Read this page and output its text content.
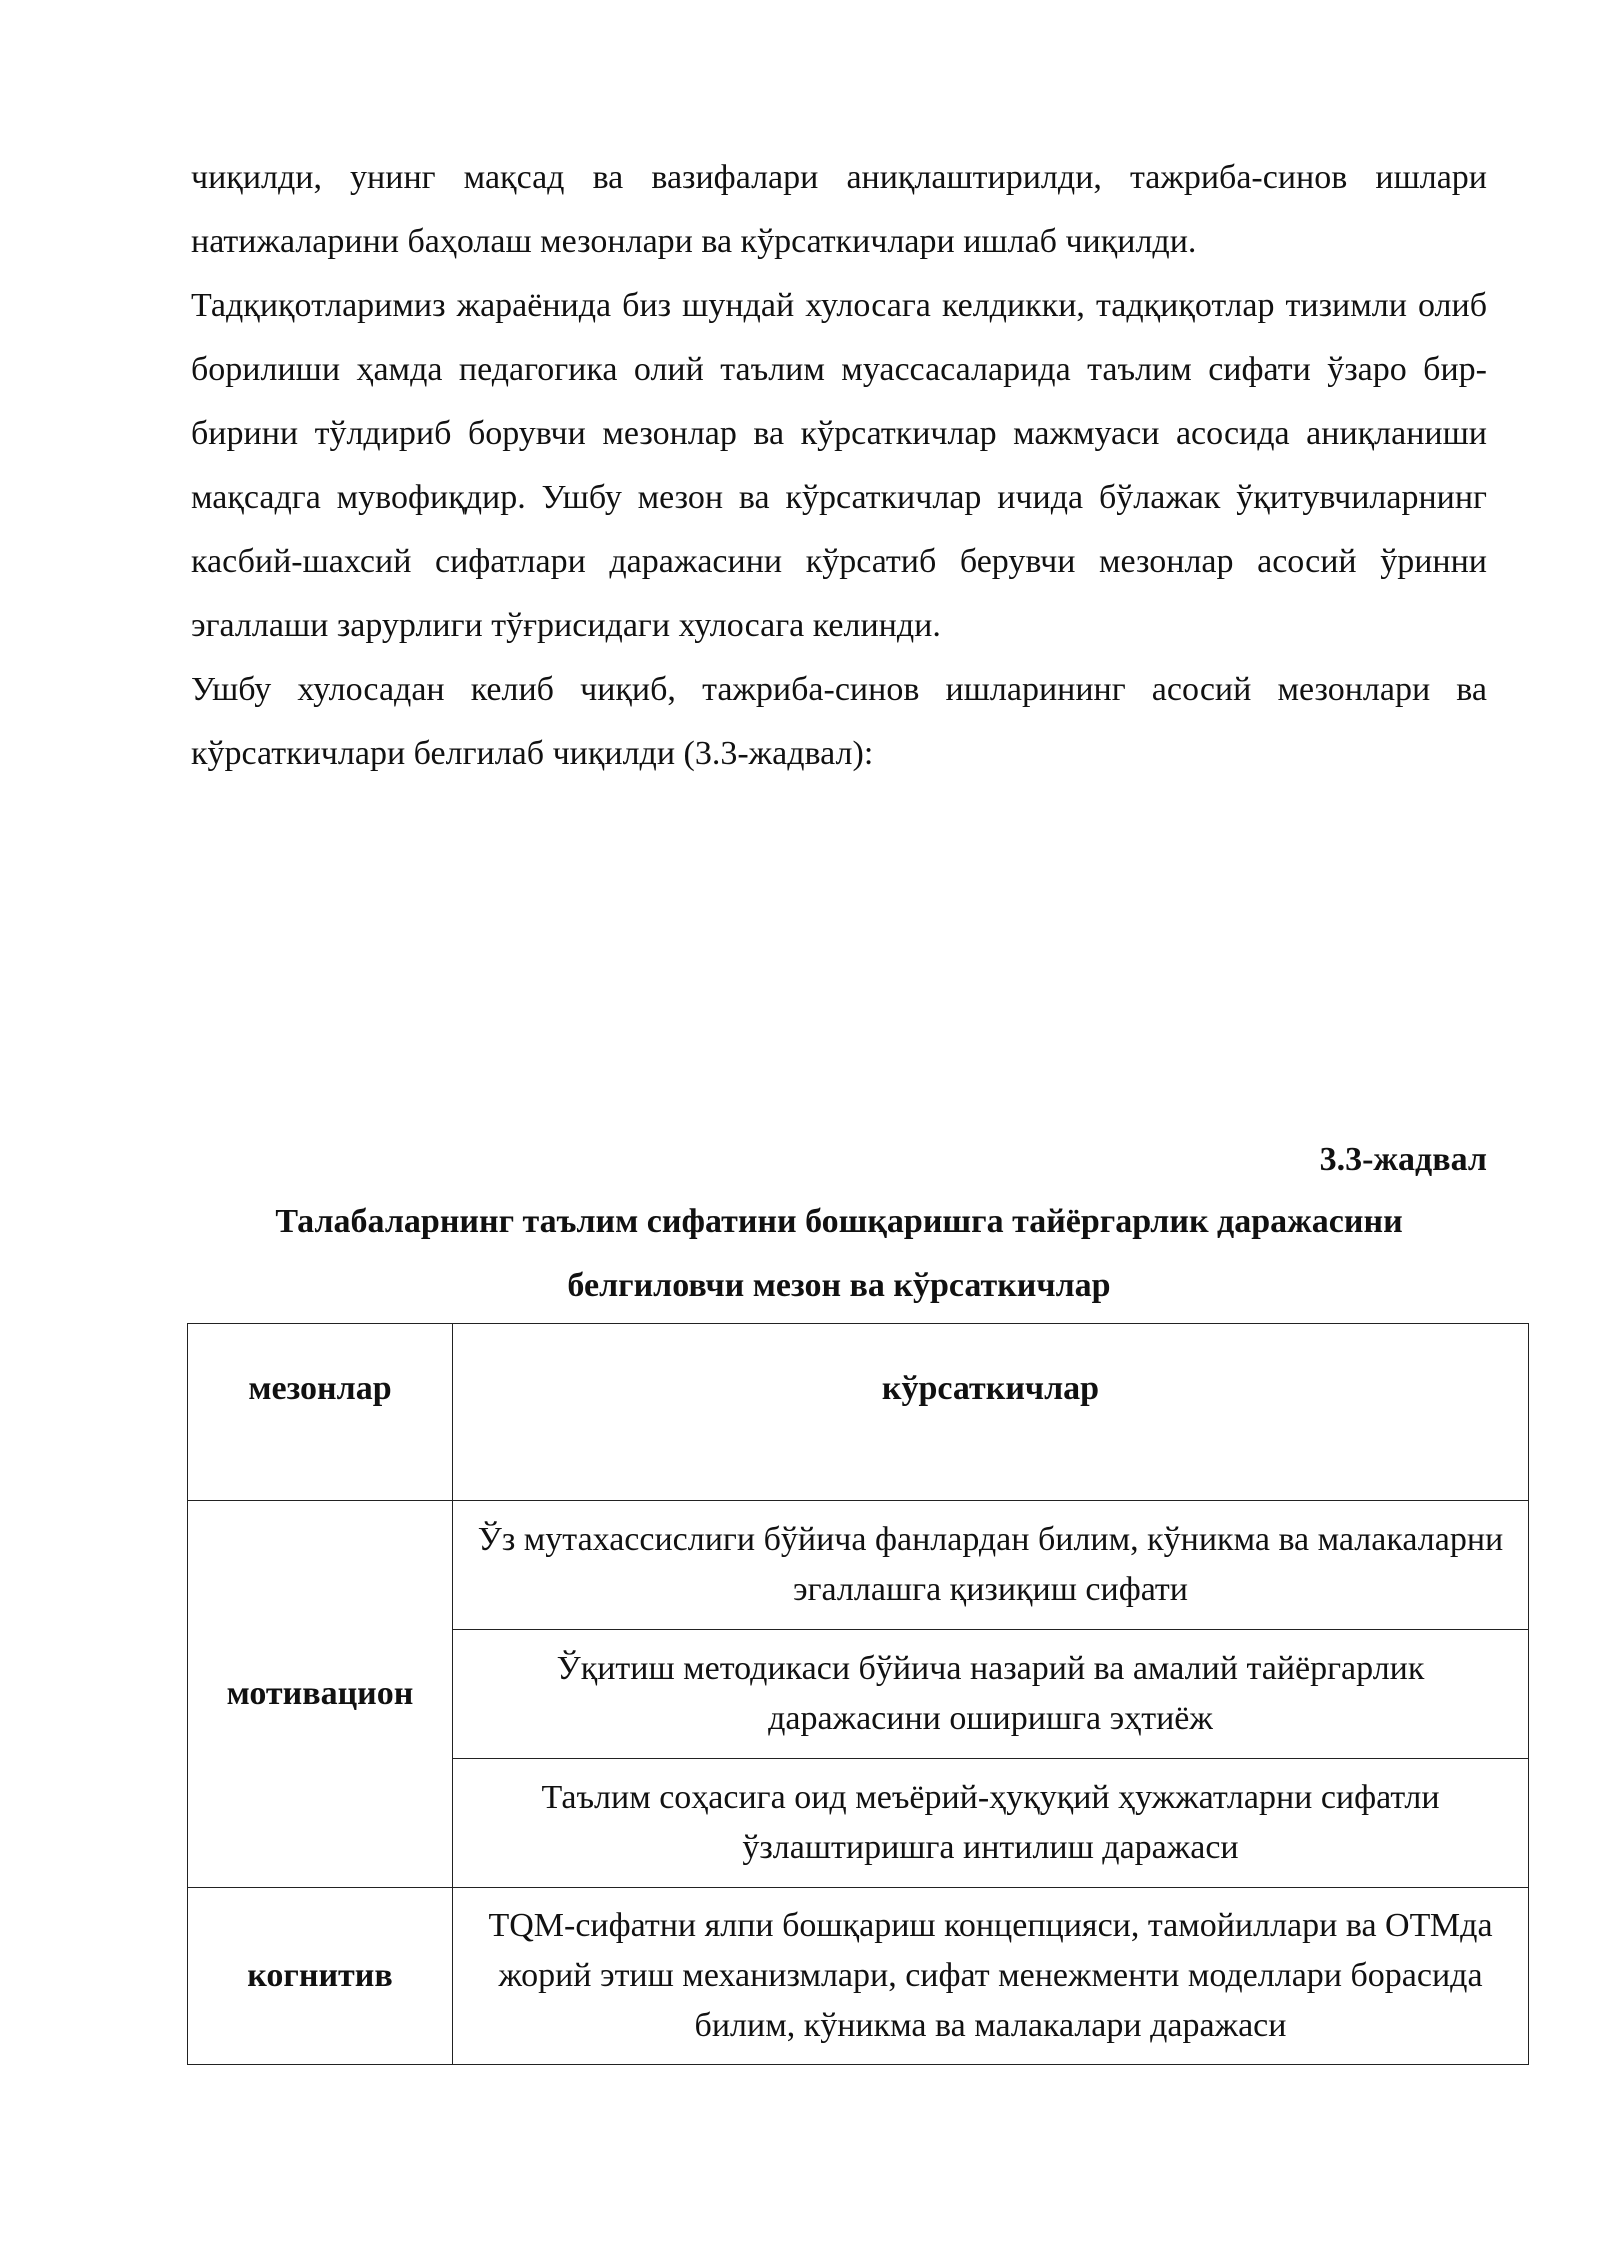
чиқилди, унинг мақсад ва вазифалари аниқлаштирилди, тажриба-синов ишлари натижаларини баҳолаш мезонлари ва кўрсаткичлари ишлаб чиқилди.

Тадқиқотларимиз жараёнида биз шундай хулосага келдикки, тадқиқотлар тизимли олиб борилиши ҳамда педагогика олий таълим муассасаларида таълим сифати ўзаро бир-бирини тўлдириб борувчи мезонлар ва кўрсаткичлар мажмуаси асосида аниқланиши мақсадга мувофиқдир. Ушбу мезон ва кўрсаткичлар ичида бўлажак ўқитувчиларнинг касбий-шахсий сифатлари даражасини кўрсатиб берувчи мезонлар асосий ўринни эгаллаши зарурлиги тўғрисидаги хулосага келинди.

Ушбу хулосадан келиб чиқиб, тажриба-синов ишларининг асосий мезонлари ва кўрсаткичлари белгилаб чиқилди (3.3-жадвал):

3.3-жадвал
Талабаларнинг таълим сифатини бошқаришга тайёргарлик даражасини
белгиловчи мезон ва кўрсаткичлар
мезонлар	кўрсаткичлар
мотивацион	Ўз мутахассислиги бўйича фанлардан билим, кўникма ва малакаларни эгаллашга қизиқиш сифати
	Ўқитиш методикаси бўйича назарий ва амалий тайёргарлик даражасини оширишга эҳтиёж
	Таълим соҳасига оид меъёрий-ҳуқуқий ҳужжатларни сифатли ўзлаштиришга интилиш даражаси
когнитив	TQM-сифатни ялпи бошқариш концепцияси, тамойиллари ва ОТМда жорий этиш механизмлари, сифат менежменти моделлари борасида билим, кўникма ва малакалари даражаси
